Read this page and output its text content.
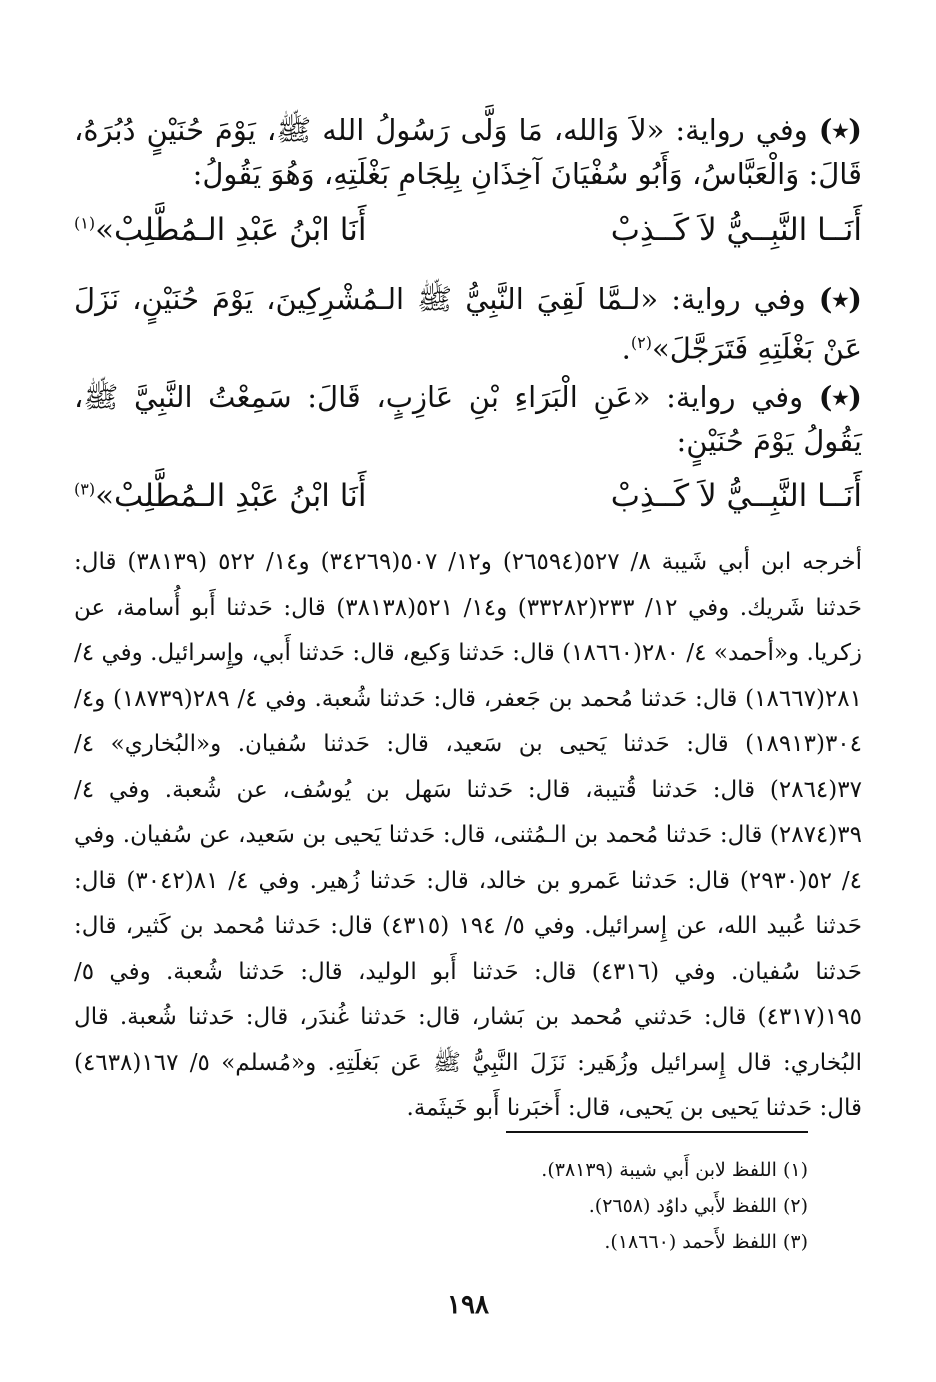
(٭) وفي رواية: «لاَ وَالله، مَا وَلَّى رَسُولُ الله ﷺ، يَوْمَ حُنَيْنٍ دُبُرَهُ، قَالَ: وَالْعَبَّاسُ، وَأَبُو سُفْيَانَ آخِذَانِ بِلِجَامِ بَغْلَتِهِ، وَهُوَ يَقُولُ:

أَنَــا النَّبِــيُّ لاَ كَــذِبْ
أَنَا ابْنُ عَبْدِ الـمُطَّلِبْ»$^{(١)}$

(٭) وفي رواية: «لـمَّا لَقِيَ النَّبِيُّ ﷺ الـمُشْرِكِينَ، يَوْمَ حُنَيْنٍ، نَزَلَ عَنْ بَغْلَتِهِ فَتَرَجَّلَ»$^{(٢)}$.

(٭) وفي رواية: «عَنِ الْبَرَاءِ بْنِ عَازِبٍ، قَالَ: سَمِعْتُ النَّبِيَّ ﷺ، يَقُولُ يَوْمَ حُنَيْنٍ:

أَنَــا النَّبِــيُّ لاَ كَــذِبْ
أَنَا ابْنُ عَبْدِ الـمُطَّلِبْ»$^{(٣)}$

أخرجه ابن أبي شَيبة ٨/ ٥٢٧(٢٦٥٩٤) و١٢/ ٥٠٧(٣٤٢٦٩) و١٤/ ٥٢٢ (٣٨١٣٩) قال: حَدثنا شَريك. وفي ١٢/ ٢٣٣(٣٣٢٨٢) و١٤/ ٥٢١(٣٨١٣٨) قال: حَدثنا أَبو أُسامة، عن زكريا. و«أحمد» ٤/ ٢٨٠(١٨٦٦٠) قال: حَدثنا وَكيع، قال: حَدثنا أَبي، وإِسرائيل. وفي ٤/ ٢٨١(١٨٦٦٧) قال: حَدثنا مُحمد بن جَعفر، قال: حَدثنا شُعبة. وفي ٤/ ٢٨٩(١٨٧٣٩) و٤/ ٣٠٤(١٨٩١٣) قال: حَدثنا يَحيى بن سَعيد، قال: حَدثنا سُفيان. و«البُخاري» ٤/ ٣٧(٢٨٦٤) قال: حَدثنا قُتيبة، قال: حَدثنا سَهل بن يُوسُف، عن شُعبة. وفي ٤/ ٣٩(٢٨٧٤) قال: حَدثنا مُحمد بن الـمُثنى، قال: حَدثنا يَحيى بن سَعيد، عن سُفيان. وفي ٤/ ٥٢(٢٩٣٠) قال: حَدثنا عَمرو بن خالد، قال: حَدثنا زُهير. وفي ٤/ ٨١(٣٠٤٢) قال: حَدثنا عُبيد الله، عن إِسرائيل. وفي ٥/ ١٩٤ (٤٣١٥) قال: حَدثنا مُحمد بن كَثير، قال: حَدثنا سُفيان. وفي (٤٣١٦) قال: حَدثنا أَبو الوليد، قال: حَدثنا شُعبة. وفي ٥/ ١٩٥(٤٣١٧) قال: حَدثني مُحمد بن بَشار، قال: حَدثنا غُندَر، قال: حَدثنا شُعبة. قال البُخاري: قال إِسرائيل وزُهَير: نَزَلَ النَّبِيُّ ﷺ عَن بَغلَتِهِ. و«مُسلم» ٥/ ١٦٧(٤٦٣٨) قال: حَدثنا يَحيى بن يَحيى، قال: أَخبَرنا أَبو خَيثَمة.

(١) اللفظ لابن أَبي شيبة (٣٨١٣٩).

(٢) اللفظ لأَبي داوُد (٢٦٥٨).

(٣) اللفظ لأَحمد (١٨٦٦٠).

١٩٨
